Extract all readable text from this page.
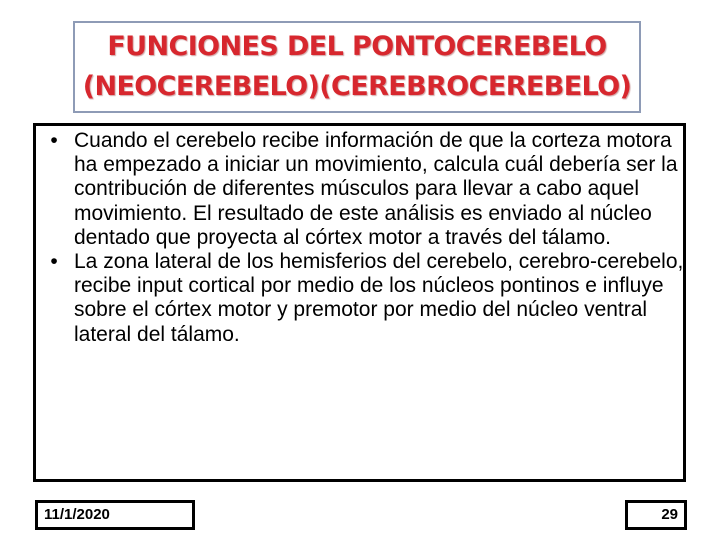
FUNCIONES DEL PONTOCEREBELO
(NEOCEREBELO)(CEREBROCEREBELO)
• Cuando el cerebelo recibe información de que la corteza motora ha empezado a iniciar un movimiento, calcula cuál debería ser la contribución de diferentes músculos para llevar a cabo aquel movimiento. El resultado de este análisis es enviado al núcleo dentado que proyecta al córtex motor a través del tálamo.
• La zona lateral de los hemisferios del cerebelo, cerebro-cerebelo, recibe input cortical por medio de los núcleos pontinos e influye sobre el córtex motor y premotor por medio del núcleo ventral lateral del tálamo.
11/1/2020	29
